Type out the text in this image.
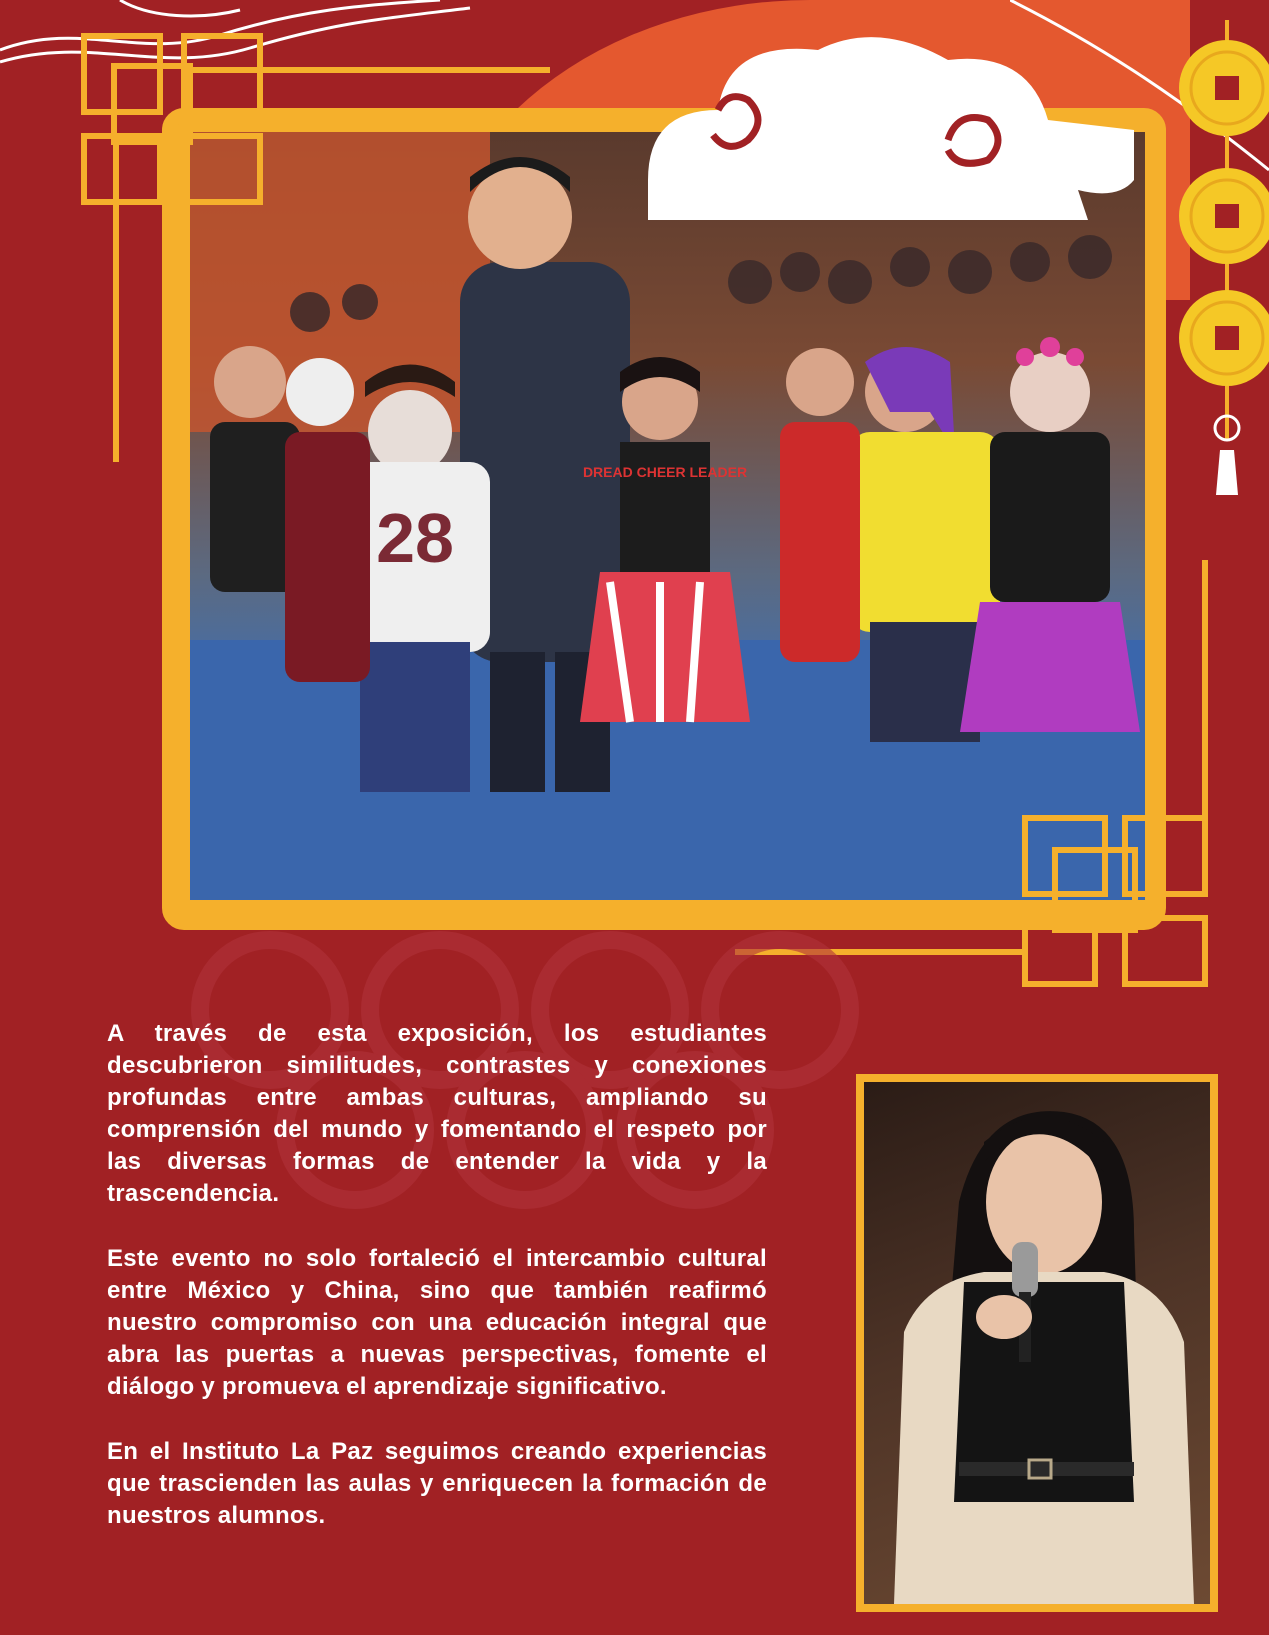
28
DREAD CHEER LEADER

A través de esta exposición, los estudiantes descubrieron similitudes, contrastes y conexiones profundas entre ambas culturas, ampliando su comprensión del mundo y fomentando el respeto por las diversas formas de entender la vida y la trascendencia.

Este evento no solo fortaleció el intercambio cultural entre México y China, sino que también reafirmó nuestro compromiso con una educación integral que abra las puertas a nuevas perspectivas, fomente el diálogo y promueva el aprendizaje significativo.

En el Instituto La Paz seguimos creando experiencias que trascienden las aulas y enriquecen la formación de nuestros alumnos.
